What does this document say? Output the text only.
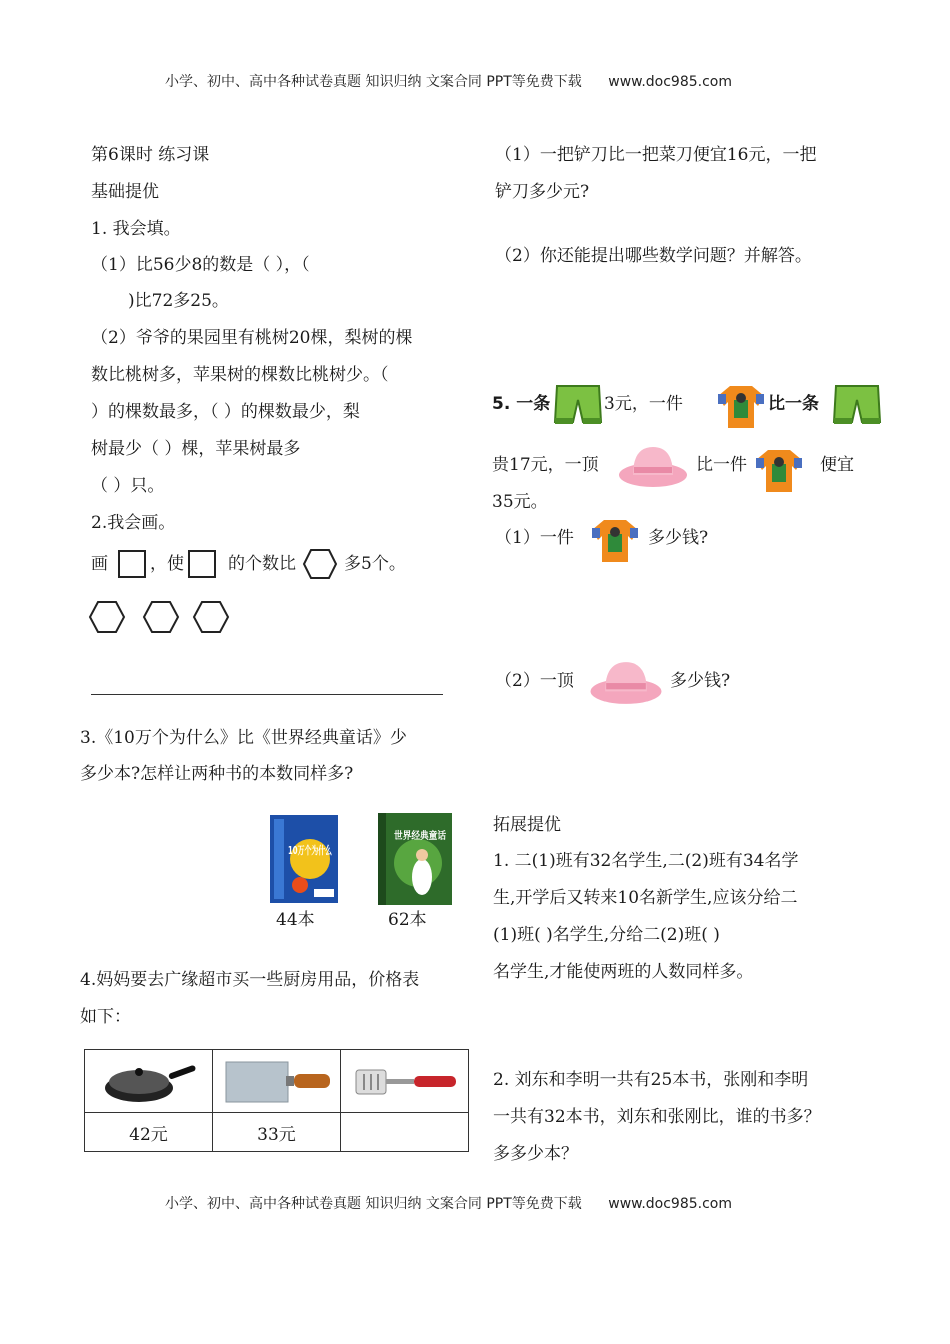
小学、初中、高中各种试卷真题 知识归纳 文案合同 PPT等免费下载 www.doc985.com
小学、初中、高中各种试卷真题 知识归纳 文案合同 PPT等免费下载 www.doc985.com
第6课时 练习课
基础提优
1. 我会填。
（1）比56少8的数是（ ），（
)比72多25。
（2）爷爷的果园里有桃树20棵，梨树的棵
数比桃树多，苹果树的棵数比桃树少。（
）的棵数最多，（ ）的棵数最少，梨
树最少（ ）棵，苹果树最多
（ ）只。
2.我会画。
画 ，使	的个数比	多5个。
3.《10万个为什么》比《世界经典童话》少
多少本?怎样让两种书的本数同样多?
10万个为什么
世界经典童话
44本	62本
4.妈妈要去广缘超市买一些厨房用品，价格表
如下：

42元	33元	
（1）一把铲刀比一把菜刀便宜16元，一把
铲刀多少元?
（2）你还能提出哪些数学问题？并解答。
5. 一条	3元，一件	比一条
贵17元，一顶	比一件	便宜
35元。
（1）一件	多少钱?
（2）一顶	多少钱?
拓展提优
1. 二(1)班有32名学生,二(2)班有34名学
生,开学后又转来10名新学生,应该分给二
(1)班( )名学生,分给二(2)班( )
名学生,才能使两班的人数同样多。
2. 刘东和李明一共有25本书，张刚和李明
一共有32本书，刘东和张刚比，谁的书多？
多多少本？
